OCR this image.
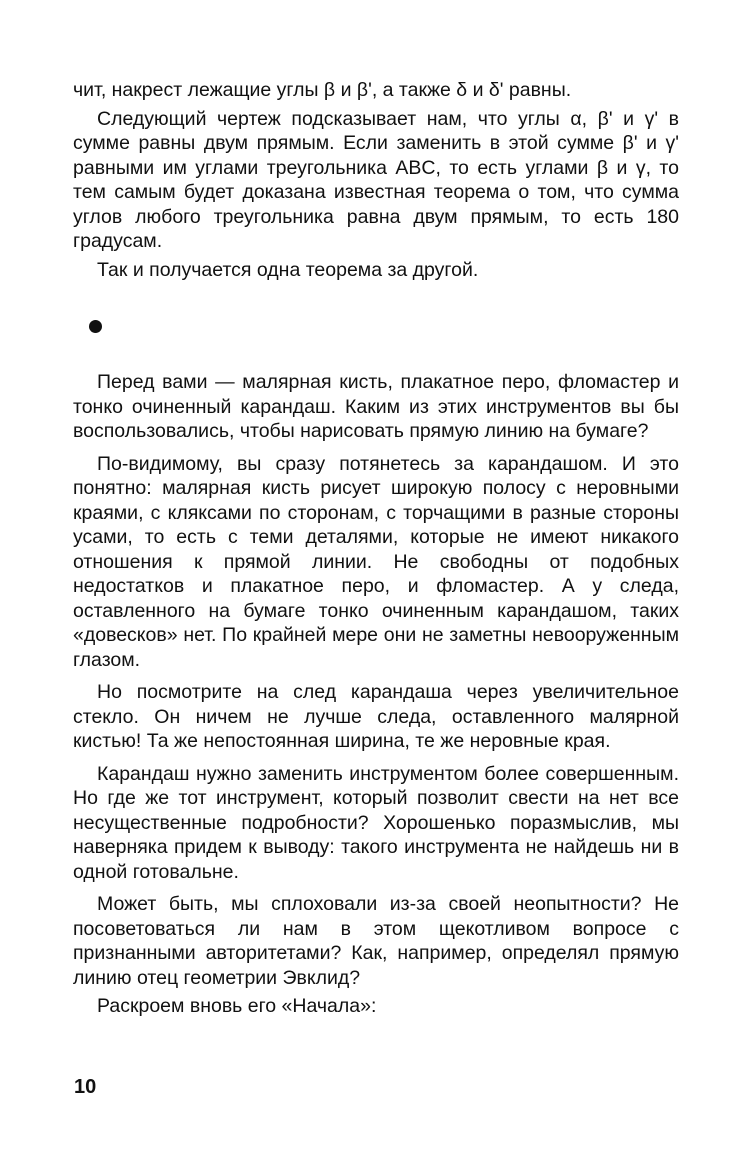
чит, накрест лежащие углы β и β', а также δ и δ' равны.

Следующий чертеж подсказывает нам, что углы α, β' и γ' в сумме равны двум прямым. Если заменить в этой сумме β' и γ' равными им углами треугольника ABC, то есть углами β и γ, то тем самым будет доказана известная теорема о том, что сумма углов любого треугольника равна двум прямым, то есть 180 градусам.

Так и получается одна теорема за другой.

Перед вами — малярная кисть, плакатное перо, фломастер и тонко очиненный карандаш. Каким из этих инструментов вы бы воспользовались, чтобы нарисовать прямую линию на бумаге?

По-видимому, вы сразу потянетесь за карандашом. И это понятно: малярная кисть рисует широкую полосу с неровными краями, с кляксами по сторонам, с торчащими в разные стороны усами, то есть с теми деталями, которые не имеют никакого отношения к прямой линии. Не свободны от подобных недостатков и плакатное перо, и фломастер. А у следа, оставленного на бумаге тонко очиненным карандашом, таких «довесков» нет. По крайней мере они не заметны невооруженным глазом.

Но посмотрите на след карандаша через увеличительное стекло. Он ничем не лучше следа, оставленного малярной кистью! Та же непостоянная ширина, те же неровные края.

Карандаш нужно заменить инструментом более совершенным. Но где же тот инструмент, который позволит свести на нет все несущественные подробности? Хорошенько поразмыслив, мы наверняка придем к выводу: такого инструмента не найдешь ни в одной готовальне.

Может быть, мы сплоховали из-за своей неопытности? Не посоветоваться ли нам в этом щекотливом вопросе с признанными авторитетами? Как, например, определял прямую линию отец геометрии Эвклид?

Раскроем вновь его «Начала»:

10
